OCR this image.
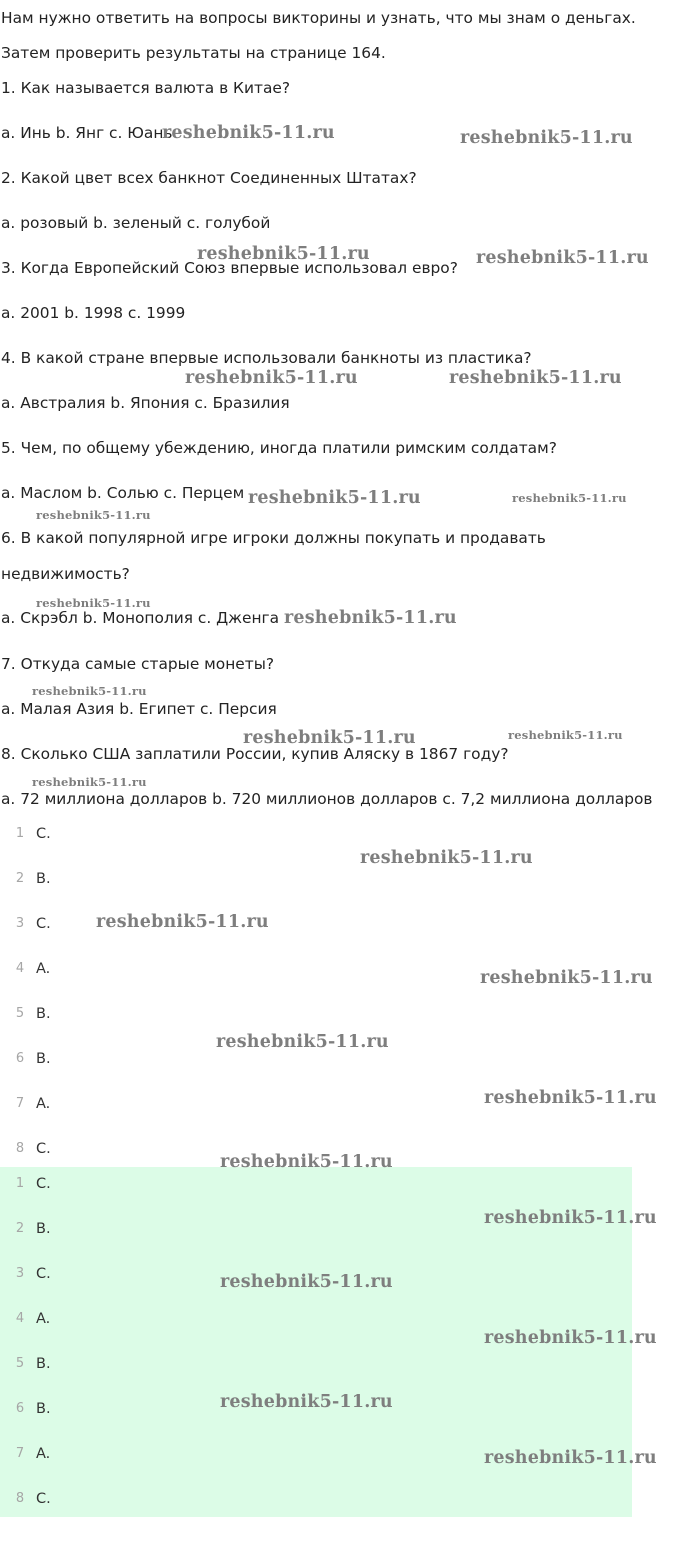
Нам нужно ответить на вопросы викторины и узнать, что мы знам о деньгах.

Затем проверить результаты на странице 164.

1. Как называется валюта в Китае?

a. Инь b. Янг c. Юань

2. Какой цвет всех банкнот Соединенных Штатах?

a. розовый b. зеленый c. голубой

3. Когда Европейский Союз впервые использовал евро?

a. 2001 b. 1998 c. 1999

4. В какой стране впервые использовали банкноты из пластика?

a. Австралия b. Япония c. Бразилия

5. Чем, по общему убеждению, иногда платили римским солдатам?

a. Маслом b. Солью c. Перцем

6. В какой популярной игре игроки должны покупать и продавать

недвижимость?

a. Скрэбл b. Монополия c. Дженга

7. Откуда самые старые монеты?

a. Малая Азия b. Египет c. Персия

8. Сколько США заплатили России, купив Аляску в 1867 году?

a. 72 миллиона долларов b. 720 миллионов долларов c. 7,2 миллиона долларов

1 C.
2 B.
3 C.
4 A.
5 B.
6 B.
7 A.
8 C.
1 C.
2 B.
3 C.
4 A.
5 B.
6 B.
7 A.
8 C.
reshebnik5-11.ru	reshebnik5-11.ru
reshebnik5-11.ru	reshebnik5-11.ru
reshebnik5-11.ru	reshebnik5-11.ru
reshebnik5-11.ru	reshebnik5-11.ru
reshebnik5-11.ru
reshebnik5-11.ru
reshebnik5-11.ru
reshebnik5-11.ru
reshebnik5-11.ru	reshebnik5-11.ru
reshebnik5-11.ru
reshebnik5-11.ru
reshebnik5-11.ru
reshebnik5-11.ru
reshebnik5-11.ru
reshebnik5-11.ru
reshebnik5-11.ru
reshebnik5-11.ru
reshebnik5-11.ru
reshebnik5-11.ru
reshebnik5-11.ru
reshebnik5-11.ru
